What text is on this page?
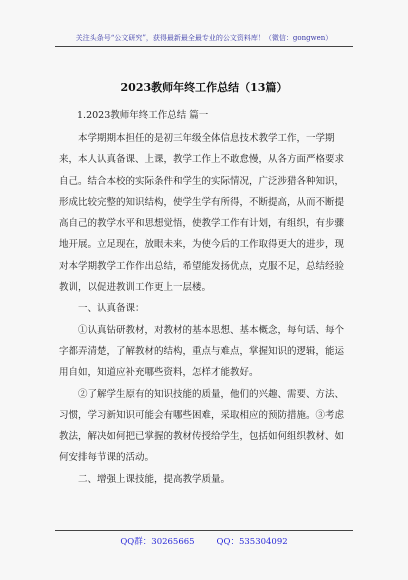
关注头条号“公文研究”，获得最新最全最专业的公文资料库！（微信：gongwen）
2023教师年终工作总结（13篇）
1.2023教师年终工作总结 篇一

本学期期本担任的是初三年级全体信息技术教学工作，一学期来，本人认真备课、上课，教学工作上不敢怠慢，从各方面严格要求自己。结合本校的实际条件和学生的实际情况，广泛涉猎各种知识，形成比较完整的知识结构，使学生学有所得，不断提高，从而不断提高自己的教学水平和思想觉悟，使教学工作有计划，有组织，有步骤地开展。立足现在，放眼未来，为使今后的工作取得更大的进步，现对本学期教学工作作出总结，希望能发扬优点，克服不足，总结经验教训，以促进教训工作更上一层楼。

一、认真备课：

①认真钻研教材，对教材的基本思想、基本概念，每句话、每个字都弄清楚，了解教材的结构，重点与难点，掌握知识的逻辑，能运用自如，知道应补充哪些资料，怎样才能教好。

②了解学生原有的知识技能的质量，他们的兴趣、需要、方法、习惯，学习新知识可能会有哪些困难，采取相应的预防措施。③考虑教法，解决如何把已掌握的教材传授给学生，包括如何组织教材、如何安排每节课的活动。

二、增强上课技能，提高教学质量。

QQ群：30265665	QQ：535304092
